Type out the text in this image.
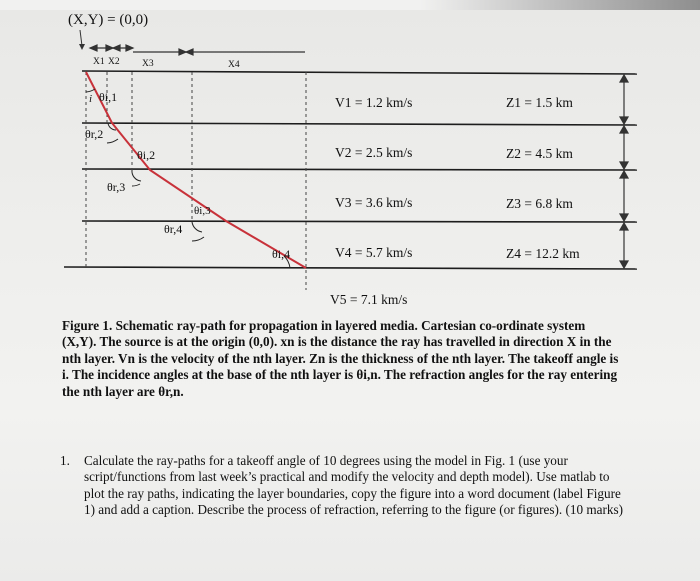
(X,Y) = (0,0)
X1 X2 X3	X4
i θi,1
θr,2
θi,2
θr,3
θi,3
θr,4
θi,4
V1 = 1.2 km/s
V2 = 2.5 km/s
V3 = 3.6 km/s
V4 = 5.7 km/s
Z1 = 1.5 km
Z2 = 4.5 km
Z3 = 6.8 km
Z4 = 12.2 km
V5 = 7.1 km/s
Figure 1. Schematic ray-path for propagation in layered media. Cartesian co-ordinate system (X,Y). The source is at the origin (0,0). xn is the distance the ray has travelled in direction X in the nth layer. Vn is the velocity of the nth layer. Zn is the thickness of the nth layer. The takeoff angle is i. The incidence angles at the base of the nth layer is θi,n. The refraction angles for the ray entering the nth layer are θr,n.
1. Calculate the ray-paths for a takeoff angle of 10 degrees using the model in Fig. 1 (use your script/functions from last week’s practical and modify the velocity and depth model). Use matlab to plot the ray paths, indicating the layer boundaries, copy the figure into a word document (label Figure 1) and add a caption. Describe the process of refraction, referring to the figure (or figures). (10 marks)
